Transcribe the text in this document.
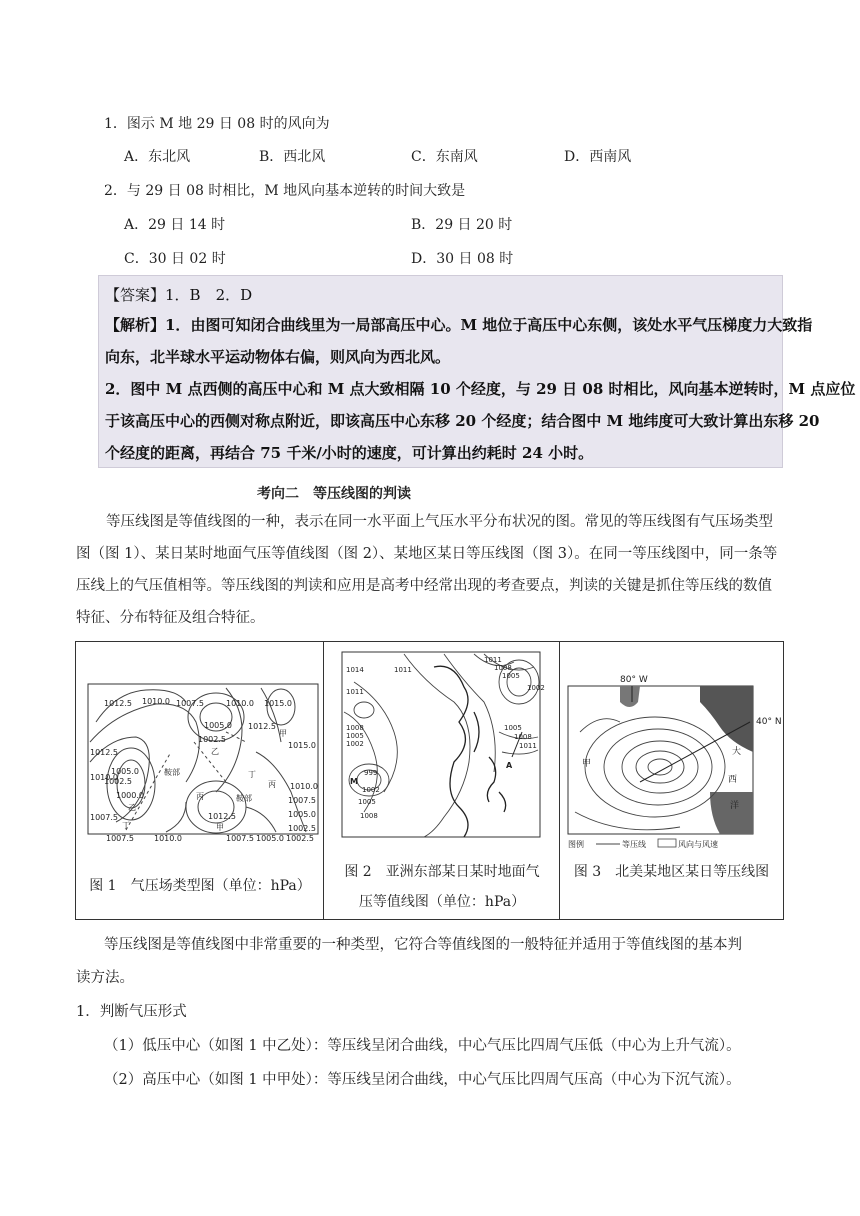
1．图示 M 地 29 日 08 时的风向为
A．东北风	B．西北风	C．东南风	D．西南风
2．与 29 日 08 时相比，M 地风向基本逆转的时间大致是
A．29 日 14 时	B．29 日 20 时
C．30 日 02 时	D．30 日 08 时
【答案】1．B　2．D
【解析】1．由图可知闭合曲线里为一局部高压中心。M 地位于高压中心东侧，该处水平气压梯度力大致指
向东，北半球水平运动物体右偏，则风向为西北风。
2．图中 M 点西侧的高压中心和 M 点大致相隔 10 个经度，与 29 日 08 时相比，风向基本逆转时，M 点应位
于该高压中心的西侧对称点附近，即该高压中心东移 20 个经度；结合图中 M 地纬度可大致计算出东移 20
个经度的距离，再结合 75 千米/小时的速度，可计算出约耗时 24 小时。
考向二　等压线图的判读
等压线图是等值线图的一种，表示在同一水平面上气压水平分布状况的图。常见的等压线图有气压场类型图（图 1）、某日某时地面气压等值线图（图 2）、某地区某日等压线图（图 3）。在同一等压线图中，同一条等压线上的气压值相等。等压线图的判读和应用是高考中经常出现的考查要点，判读的关键是抓住等压线的数值特征、分布特征及组合特征。
1012.5 1010.0 1007.5	1010.0 1015.0
1005.0
1002.5
1012.5
甲
1015.0
乙
1012.5
1010.0
鞍部	丁
丙 1010.0
1005.0
1007.5
1002.5
1000.0
乙
丙	鞍部
1005.0
1012.5
1007.5
丁	甲	1002.5
1007.5	1010.0	1007.5 1005.0 1002.5
图 1　气压场类型图（单位：hPa）
1014
1011
1008
1005
1002
1011
1011
1008
1005
1002
1005
1008
1011
A
M
999
1002
1005
1008
图 2　亚洲东部某日某时地面气
压等值线图（单位：hPa）
80° W
40° N
甲
大
西
洋
图例	等压线	风向与风速
图 3　北美某地区某日等压线图
等压线图是等值线图中非常重要的一种类型，它符合等值线图的一般特征并适用于等值线图的基本判
读方法。
1．判断气压形式
（1）低压中心（如图 1 中乙处）：等压线呈闭合曲线，中心气压比四周气压低（中心为上升气流）。
（2）高压中心（如图 1 中甲处）：等压线呈闭合曲线，中心气压比四周气压高（中心为下沉气流）。
